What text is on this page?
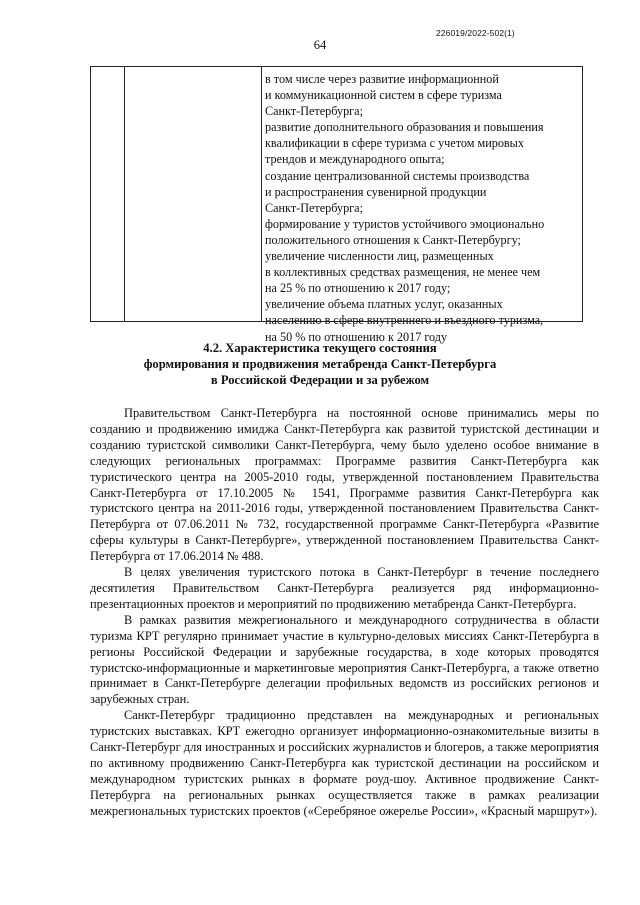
226019/2022-502(1)
64
в том числе через развитие информационной
и коммуникационной систем в сфере туризма
Санкт-Петербурга;
развитие дополнительного образования и повышения
квалификации в сфере туризма с учетом мировых
трендов и международного опыта;
создание централизованной системы производства
и распространения сувенирной продукции
Санкт-Петербурга;
формирование у туристов устойчивого эмоционально
положительного отношения к Санкт-Петербургу;
увеличение численности лиц, размещенных
в коллективных средствах размещения, не менее чем
на 25 % по отношению к 2017 году;
увеличение объема платных услуг, оказанных
населению в сфере внутреннего и въездного туризма,
на 50 % по отношению к 2017 году
4.2. Характеристика текущего состояния
формирования и продвижения метабренда Санкт-Петербурга
в Российской Федерации и за рубежом

Правительством Санкт-Петербурга на постоянной основе принимались меры по созданию и продвижению имиджа Санкт-Петербурга как развитой туристской дестинации и созданию туристской символики Санкт-Петербурга, чему было уделено особое внимание в следующих региональных программах: Программе развития Санкт-Петербурга как туристического центра на 2005-2010 годы, утвержденной постановлением Правительства Санкт-Петербурга от 17.10.2005 № 1541, Программе развития Санкт-Петербурга как туристского центра на 2011-2016 годы, утвержденной постановлением Правительства Санкт-Петербурга от 07.06.2011 № 732, государственной программе Санкт-Петербурга «Развитие сферы культуры в Санкт-Петербурге», утвержденной постановлением Правительства Санкт-Петербурга от 17.06.2014 № 488.

В целях увеличения туристского потока в Санкт-Петербург в течение последнего десятилетия Правительством Санкт-Петербурга реализуется ряд информационно-презентационных проектов и мероприятий по продвижению метабренда Санкт-Петербурга.

В рамках развития межрегионального и международного сотрудничества в области туризма КРТ регулярно принимает участие в культурно-деловых миссиях Санкт-Петербурга в регионы Российской Федерации и зарубежные государства, в ходе которых проводятся туристско-информационные и маркетинговые мероприятия Санкт-Петербурга, а также ответно принимает в Санкт-Петербурге делегации профильных ведомств из российских регионов и зарубежных стран.

Санкт-Петербург традиционно представлен на международных и региональных туристских выставках. КРТ ежегодно организует информационно-ознакомительные визиты в Санкт-Петербург для иностранных и российских журналистов и блогеров, а также мероприятия по активному продвижению Санкт-Петербурга как туристской дестинации на российском и международном туристских рынках в формате роуд-шоу. Активное продвижение Санкт-Петербурга на региональных рынках осуществляется также в рамках реализации межрегиональных туристских проектов («Серебряное ожерелье России», «Красный маршрут»).
